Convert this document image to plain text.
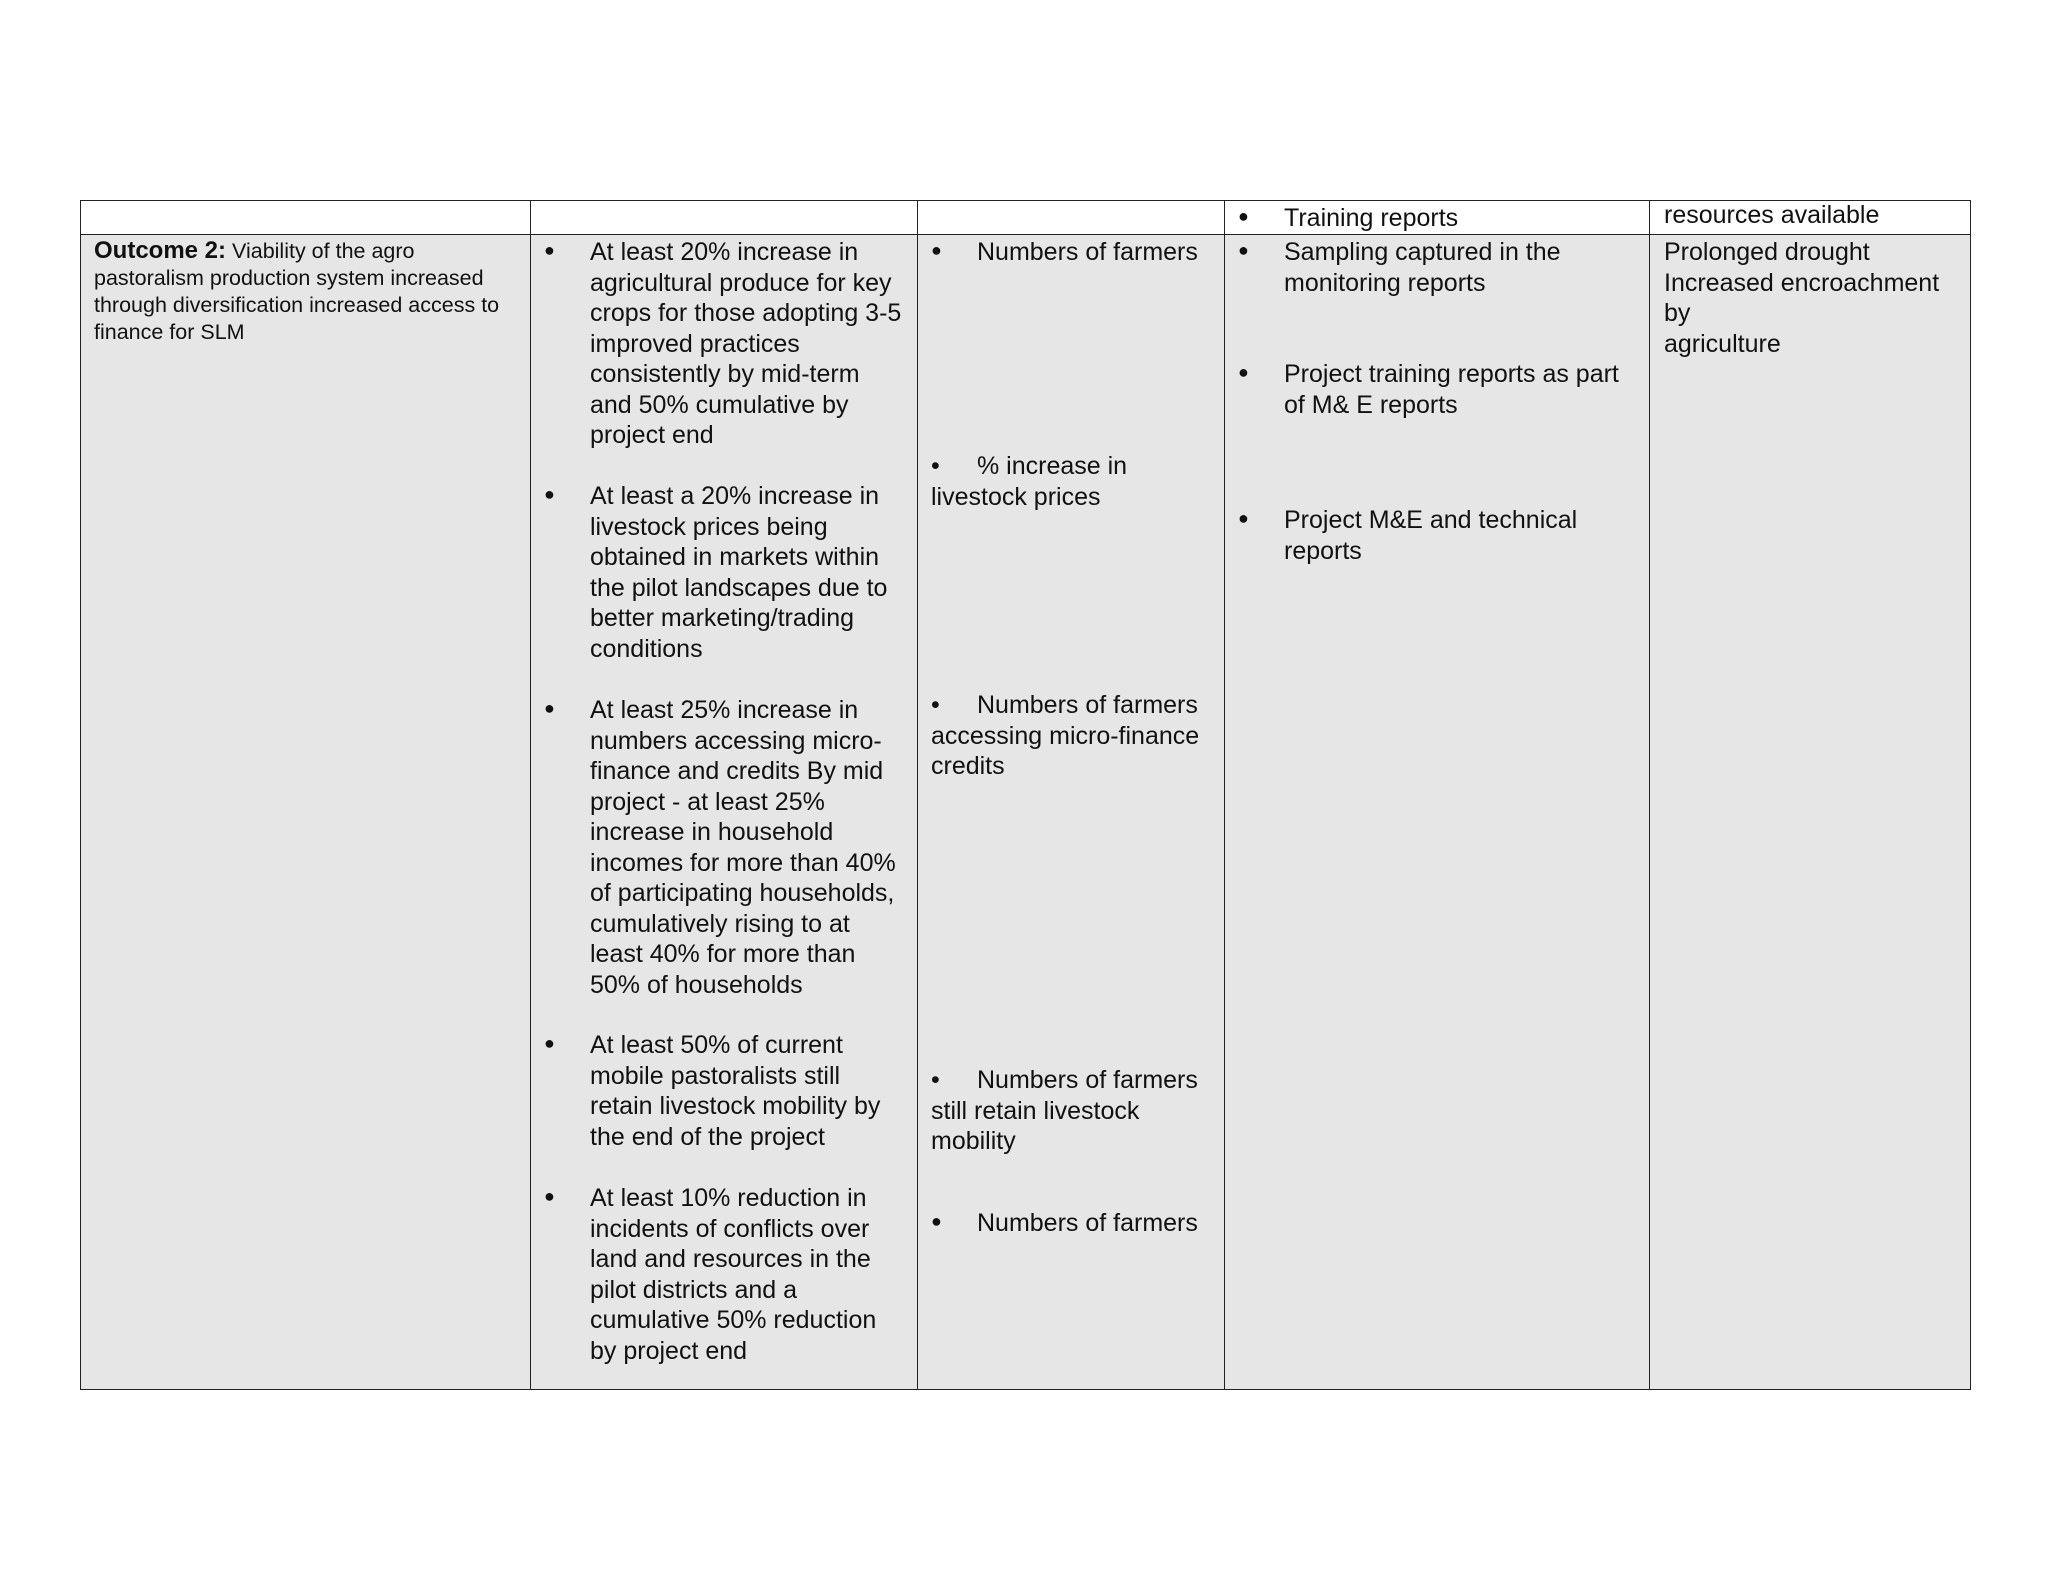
● Training reports	resources available
Outcome 2: Viability of the agro pastoralism production system increased through diversification increased access to finance for SLM
● At least 20% increase in agricultural produce for key crops for those adopting 3-5 improved practices consistently by mid-term and 50% cumulative by project end
● At least a 20% increase in livestock prices being obtained in markets within the pilot landscapes due to better marketing/trading conditions
● At least 25% increase in numbers accessing micro-finance and credits By mid project - at least 25% increase in household incomes for more than 40% of participating households, cumulatively rising to at least 40% for more than 50% of households
● At least 50% of current mobile pastoralists still retain livestock mobility by the end of the project
● At least 10% reduction in incidents of conflicts over land and resources in the pilot districts and a cumulative 50% reduction by project end
● Numbers of farmers
• % increase in livestock prices
• Numbers of farmers accessing micro-finance credits
• Numbers of farmers still retain livestock mobility
● Numbers of farmers
● Sampling captured in the monitoring reports
● Project training reports as part of M& E reports
● Project M&E and technical reports
Prolonged drought
Increased encroachment
by
agriculture
